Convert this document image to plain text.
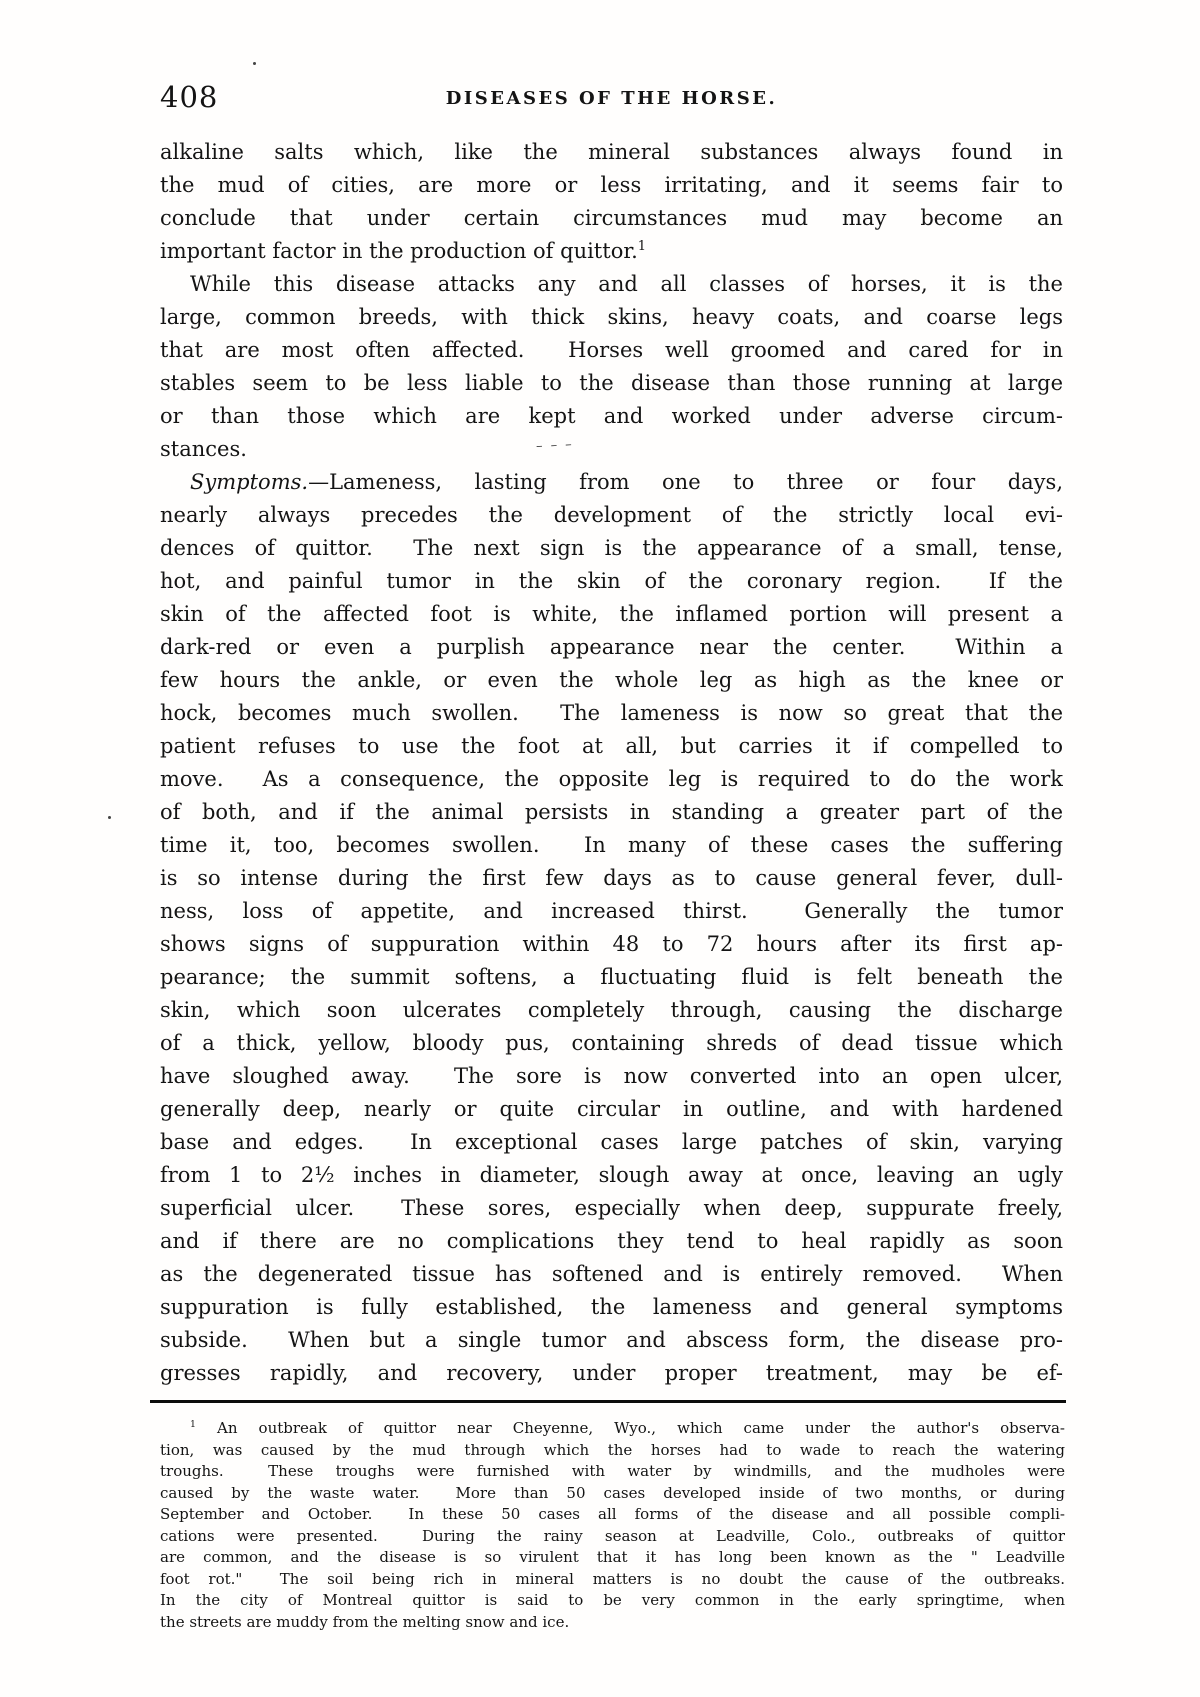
408	DISEASES OF THE HORSE.
alkaline salts which, like the mineral substances always found in
the mud of cities, are more or less irritating, and it seems fair to
conclude that under certain circumstances mud may become an
important factor in the production of quittor.$^1$
While this disease attacks any and all classes of horses, it is the
large, common breeds, with thick skins, heavy coats, and coarse legs
that are most often affected.  Horses well groomed and cared for in
stables seem to be less liable to the disease than those running at large
or than those which are kept and worked under adverse circum-
stances.
Symptoms.—Lameness, lasting from one to three or four days,
nearly always precedes the development of the strictly local evi-
dences of quittor.  The next sign is the appearance of a small, tense,
hot, and painful tumor in the skin of the coronary region.  If the
skin of the affected foot is white, the inflamed portion will present a
dark-red or even a purplish appearance near the center.  Within a
few hours the ankle, or even the whole leg as high as the knee or
hock, becomes much swollen.  The lameness is now so great that the
patient refuses to use the foot at all, but carries it if compelled to
move.  As a consequence, the opposite leg is required to do the work
of both, and if the animal persists in standing a greater part of the
time it, too, becomes swollen.  In many of these cases the suffering
is so intense during the first few days as to cause general fever, dull-
ness, loss of appetite, and increased thirst.  Generally the tumor
shows signs of suppuration within 48 to 72 hours after its first ap-
pearance; the summit softens, a fluctuating fluid is felt beneath the
skin, which soon ulcerates completely through, causing the discharge
of a thick, yellow, bloody pus, containing shreds of dead tissue which
have sloughed away.  The sore is now converted into an open ulcer,
generally deep, nearly or quite circular in outline, and with hardened
base and edges.  In exceptional cases large patches of skin, varying
from 1 to 2½ inches in diameter, slough away at once, leaving an ugly
superficial ulcer.  These sores, especially when deep, suppurate freely,
and if there are no complications they tend to heal rapidly as soon
as the degenerated tissue has softened and is entirely removed.  When
suppuration is fully established, the lameness and general symptoms
subside.  When but a single tumor and abscess form, the disease pro-
gresses rapidly, and recovery, under proper treatment, may be ef-
– – –
$^1$ An outbreak of quittor near Cheyenne, Wyo., which came under the author's observa-
tion, was caused by the mud through which the horses had to wade to reach the watering
troughs.  These troughs were furnished with water by windmills, and the mudholes were
caused by the waste water.  More than 50 cases developed inside of two months, or during
September and October.  In these 50 cases all forms of the disease and all possible compli-
cations were presented.  During the rainy season at Leadville, Colo., outbreaks of quittor
are common, and the disease is so virulent that it has long been known as the " Leadville
foot rot."  The soil being rich in mineral matters is no doubt the cause of the outbreaks.
In the city of Montreal quittor is said to be very common in the early springtime, when
the streets are muddy from the melting snow and ice.
